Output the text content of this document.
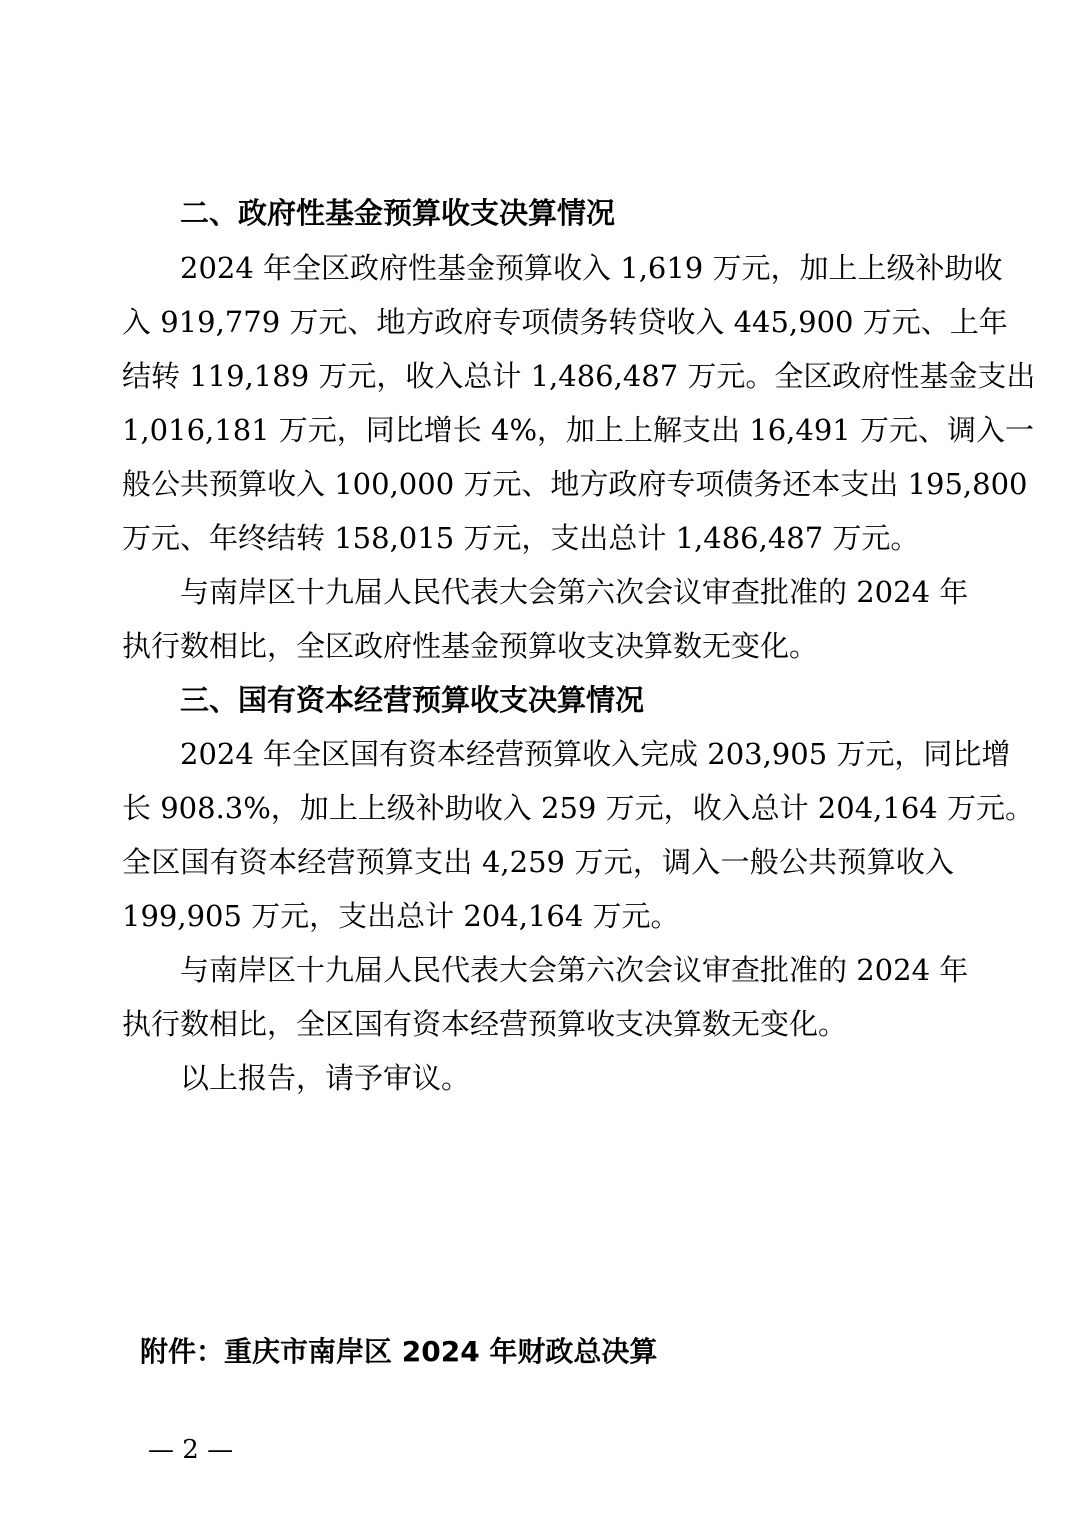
二、政府性基金预算收支决算情况
2024 年全区政府性基金预算收入 1,619 万元，加上上级补助收
入 919,779 万元、地方政府专项债务转贷收入 445,900 万元、上年
结转 119,189 万元，收入总计 1,486,487 万元。全区政府性基金支出
1,016,181 万元，同比增长 4%，加上上解支出 16,491 万元、调入一
般公共预算收入 100,000 万元、地方政府专项债务还本支出 195,800
万元、年终结转 158,015 万元，支出总计 1,486,487 万元。
与南岸区十九届人民代表大会第六次会议审查批准的 2024 年
执行数相比，全区政府性基金预算收支决算数无变化。
三、国有资本经营预算收支决算情况
2024 年全区国有资本经营预算收入完成 203,905 万元，同比增
长 908.3%，加上上级补助收入 259 万元，收入总计 204,164 万元。
全区国有资本经营预算支出 4,259 万元，调入一般公共预算收入
199,905 万元，支出总计 204,164 万元。
与南岸区十九届人民代表大会第六次会议审查批准的 2024 年
执行数相比，全区国有资本经营预算收支决算数无变化。
以上报告，请予审议。
附件：重庆市南岸区 2024 年财政总决算
— 2 —
